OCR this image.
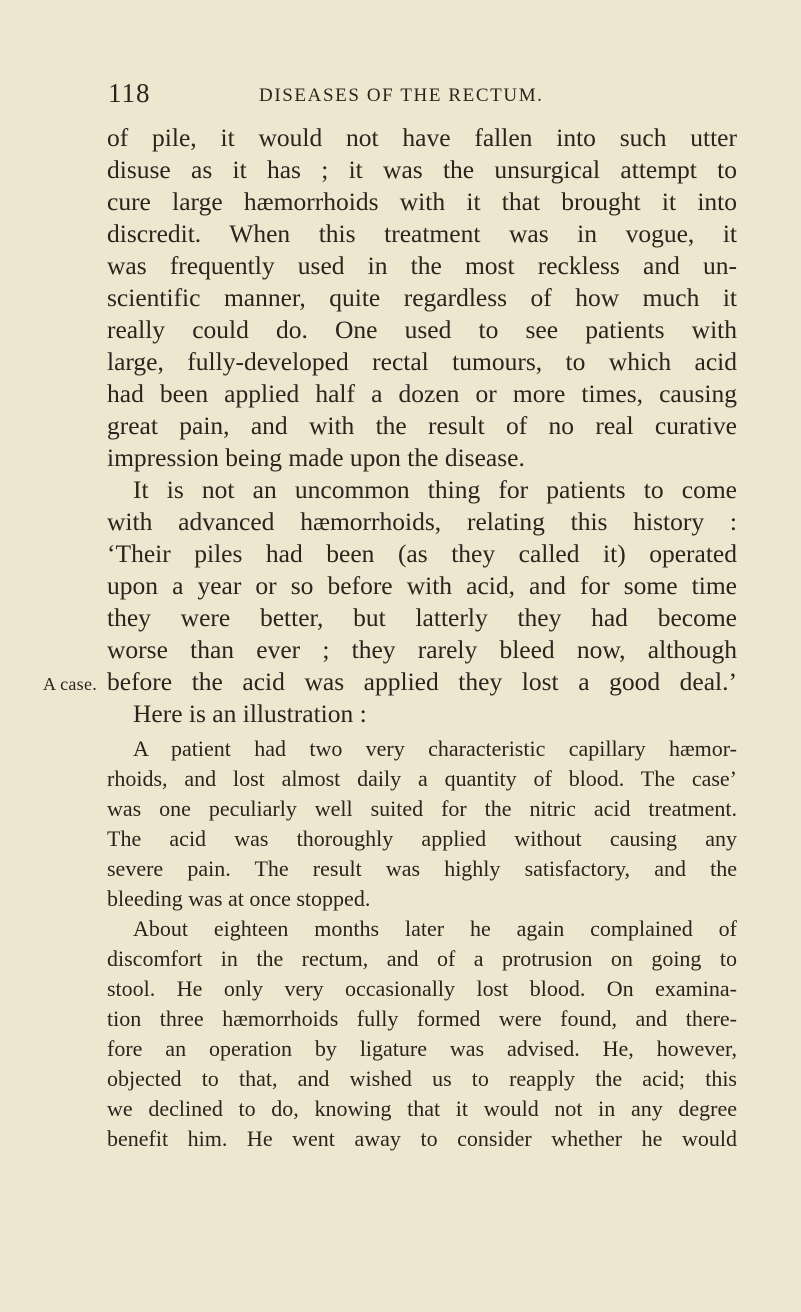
118	DISEASES OF THE RECTUM.
A case.
of pile, it would not have fallen into such utter
disuse as it has ; it was the unsurgical attempt to
cure large hæmorrhoids with it that brought it into
discredit. When this treatment was in vogue, it
was frequently used in the most reckless and un-
scientific manner, quite regardless of how much it
really could do. One used to see patients with
large, fully-developed rectal tumours, to which acid
had been applied half a dozen or more times, causing
great pain, and with the result of no real curative
impression being made upon the disease.
It is not an uncommon thing for patients to come
with advanced hæmorrhoids, relating this history :
‘Their piles had been (as they called it) operated
upon a year or so before with acid, and for some time
they were better, but latterly they had become
worse than ever ; they rarely bleed now, although
before the acid was applied they lost a good deal.’
Here is an illustration :
A patient had two very characteristic capillary hæmor-
rhoids, and lost almost daily a quantity of blood. The case’
was one peculiarly well suited for the nitric acid treatment.
The acid was thoroughly applied without causing any
severe pain. The result was highly satisfactory, and the
bleeding was at once stopped.
About eighteen months later he again complained of
discomfort in the rectum, and of a protrusion on going to
stool. He only very occasionally lost blood. On examina-
tion three hæmorrhoids fully formed were found, and there-
fore an operation by ligature was advised. He, however,
objected to that, and wished us to reapply the acid; this
we declined to do, knowing that it would not in any degree
benefit him. He went away to consider whether he would
